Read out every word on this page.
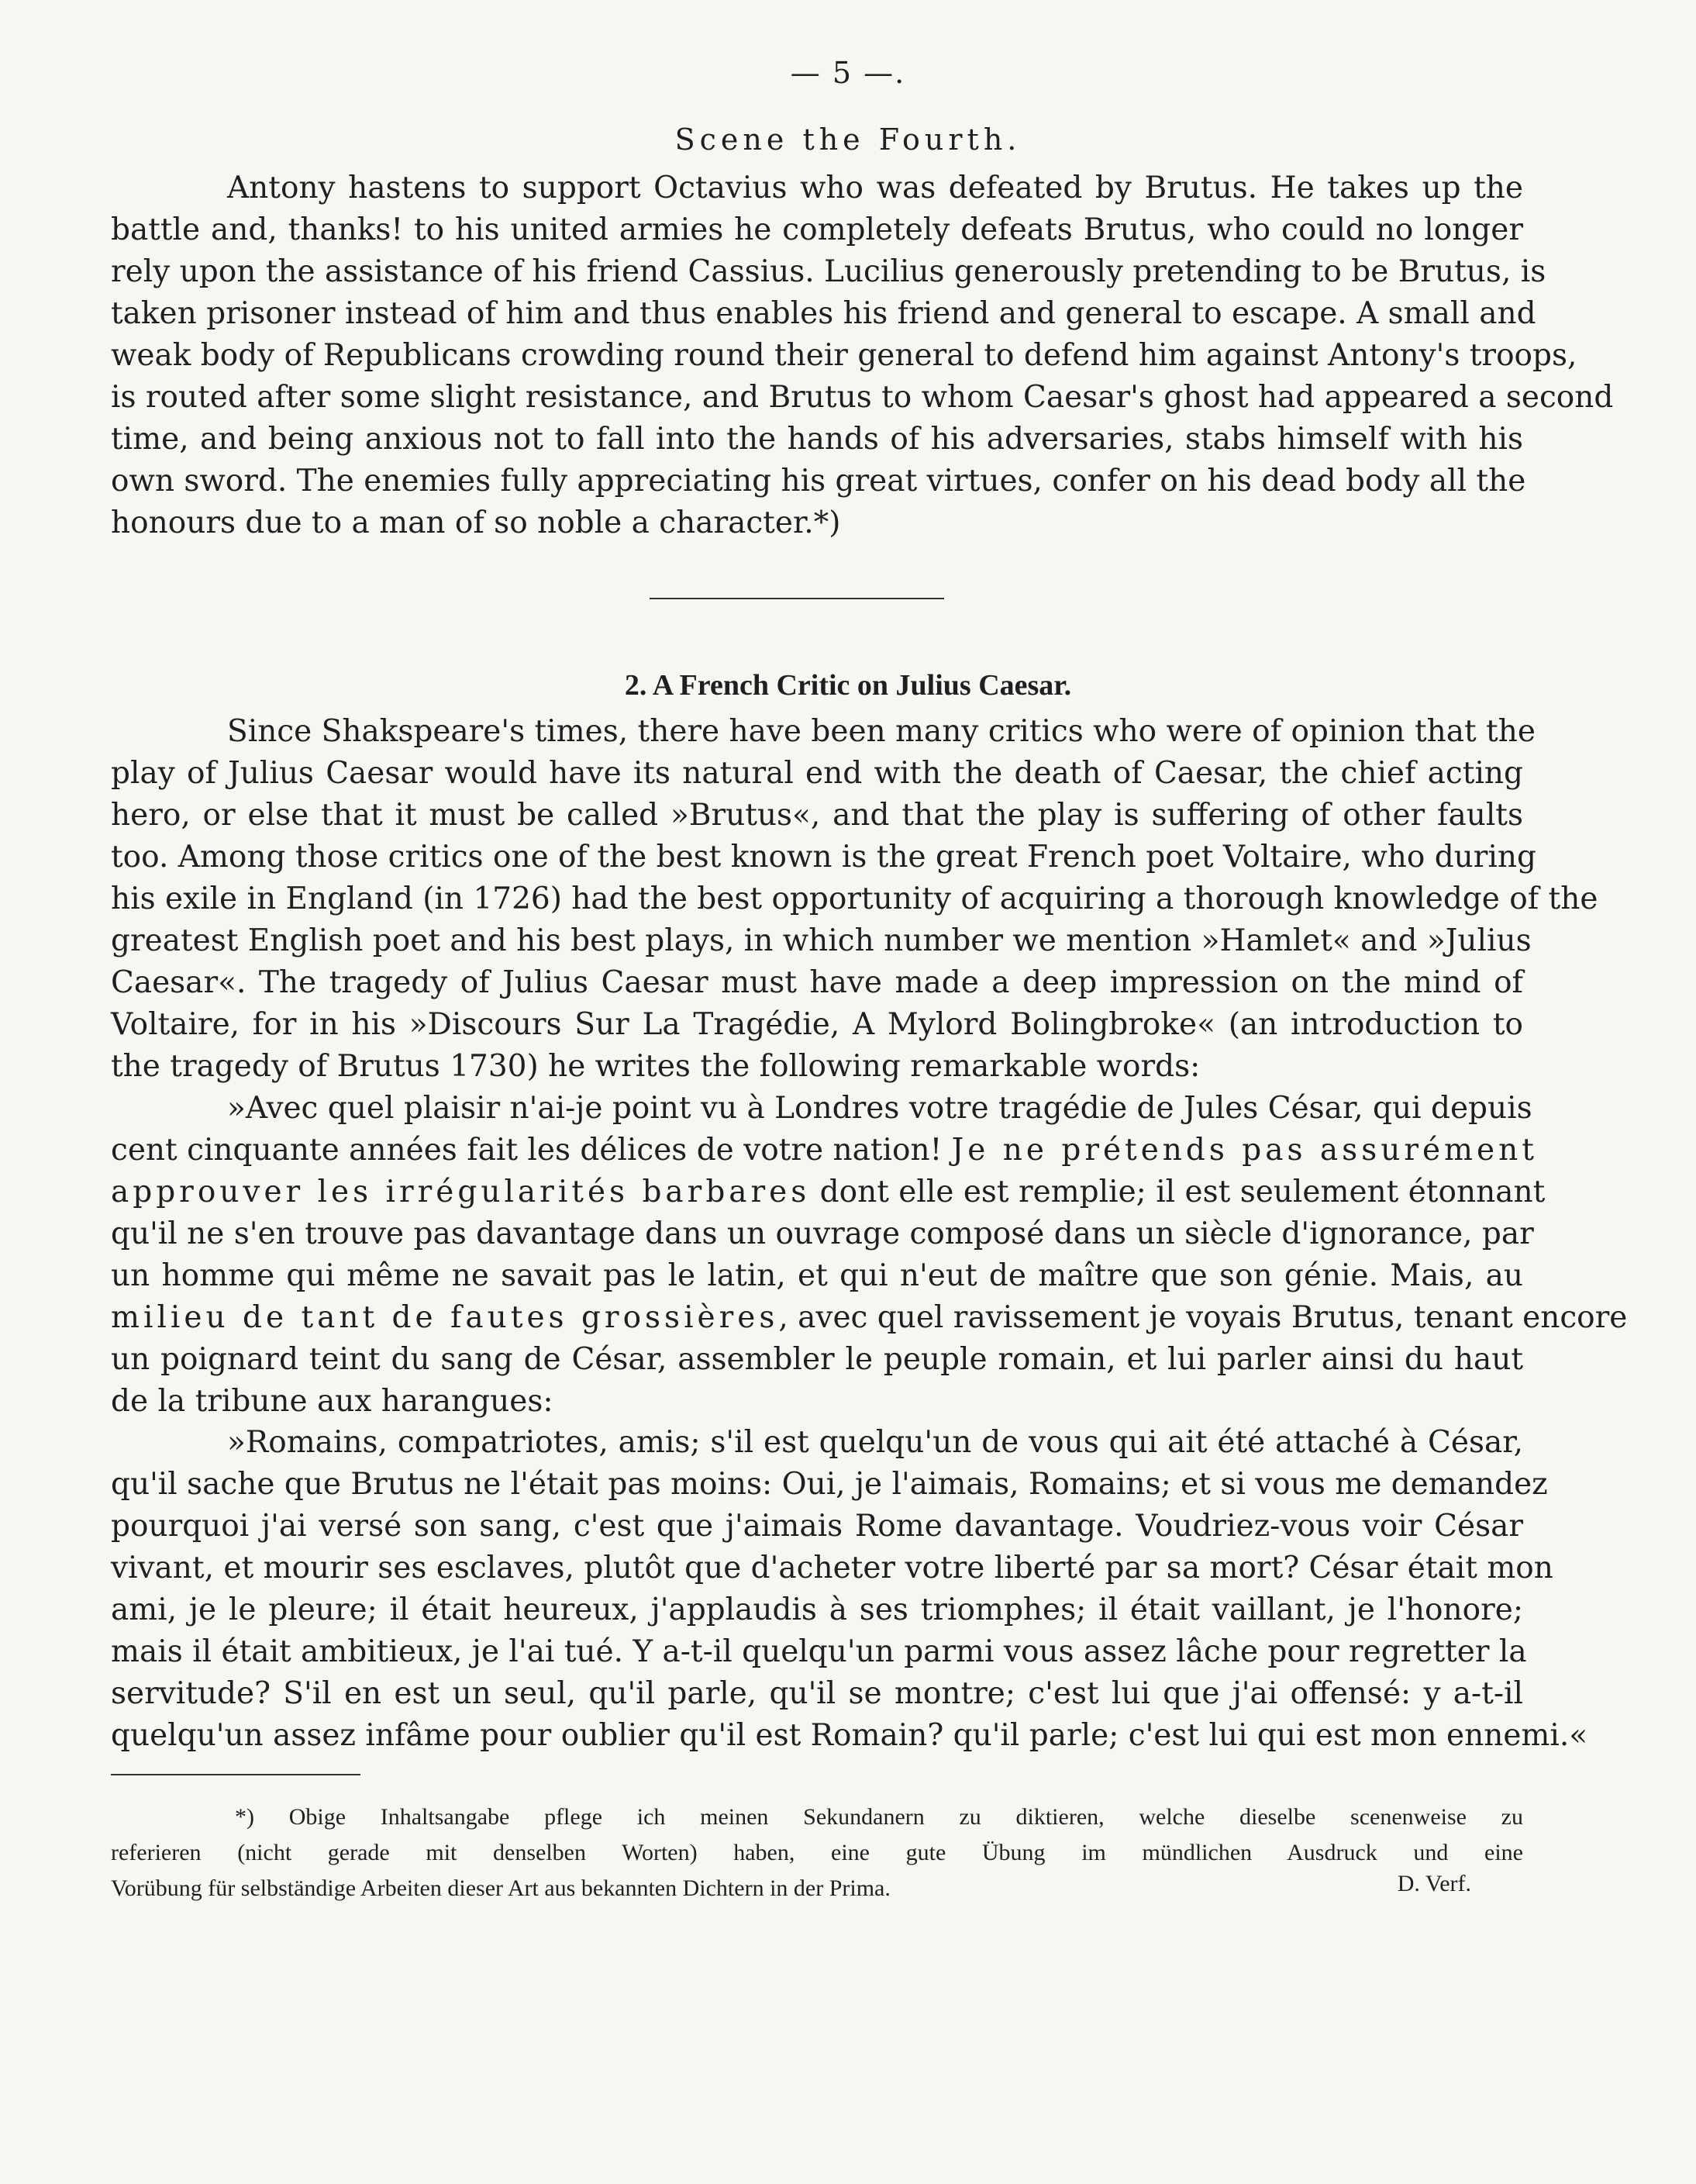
— 5 —.
Scene the Fourth.

Antony hastens to support Octavius who was defeated by Brutus. He takes up the
battle and, thanks! to his united armies he completely defeats Brutus, who could no longer
rely upon the assistance of his friend Cassius. Lucilius generously pretending to be Brutus, is
taken prisoner instead of him and thus enables his friend and general to escape. A small and
weak body of Republicans crowding round their general to defend him against Antony's troops,
is routed after some slight resistance, and Brutus to whom Caesar's ghost had appeared a second
time, and being anxious not to fall into the hands of his adversaries, stabs himself with his
own sword. The enemies fully appreciating his great virtues, confer on his dead body all the
honours due to a man of so noble a character.*)

2. A French Critic on Julius Caesar.

Since Shakspeare's times, there have been many critics who were of opinion that the
play of Julius Caesar would have its natural end with the death of Caesar, the chief acting
hero, or else that it must be called »Brutus«, and that the play is suffering of other faults
too. Among those critics one of the best known is the great French poet Voltaire, who during
his exile in England (in 1726) had the best opportunity of acquiring a thorough knowledge of the
greatest English poet and his best plays, in which number we mention »Hamlet« and »Julius
Caesar«. The tragedy of Julius Caesar must have made a deep impression on the mind of
Voltaire, for in his »Discours Sur La Tragédie, A Mylord Bolingbroke« (an introduction to
the tragedy of Brutus 1730) he writes the following remarkable words:

»Avec quel plaisir n'ai-je point vu à Londres votre tragédie de Jules César, qui depuis
cent cinquante années fait les délices de votre nation! Je ne prétends pas assurément
approuver les irrégularités barbares dont elle est remplie; il est seulement étonnant
qu'il ne s'en trouve pas davantage dans un ouvrage composé dans un siècle d'ignorance, par
un homme qui même ne savait pas le latin, et qui n'eut de maître que son génie. Mais, au
milieu de tant de fautes grossières, avec quel ravissement je voyais Brutus, tenant encore
un poignard teint du sang de César, assembler le peuple romain, et lui parler ainsi du haut
de la tribune aux harangues:

»Romains, compatriotes, amis; s'il est quelqu'un de vous qui ait été attaché à César,
qu'il sache que Brutus ne l'était pas moins: Oui, je l'aimais, Romains; et si vous me demandez
pourquoi j'ai versé son sang, c'est que j'aimais Rome davantage. Voudriez-vous voir César
vivant, et mourir ses esclaves, plutôt que d'acheter votre liberté par sa mort? César était mon
ami, je le pleure; il était heureux, j'applaudis à ses triomphes; il était vaillant, je l'honore;
mais il était ambitieux, je l'ai tué. Y a-t-il quelqu'un parmi vous assez lâche pour regretter la
servitude? S'il en est un seul, qu'il parle, qu'il se montre; c'est lui que j'ai offensé: y a-t-il
quelqu'un assez infâme pour oublier qu'il est Romain? qu'il parle; c'est lui qui est mon ennemi.«

*) Obige Inhaltsangabe pflege ich meinen Sekundanern zu diktieren, welche dieselbe scenenweise zu
referieren (nicht gerade mit denselben Worten) haben, eine gute Übung im mündlichen Ausdruck und eine
Vorübung für selbständige Arbeiten dieser Art aus bekannten Dichtern in der Prima.	D. Verf.
